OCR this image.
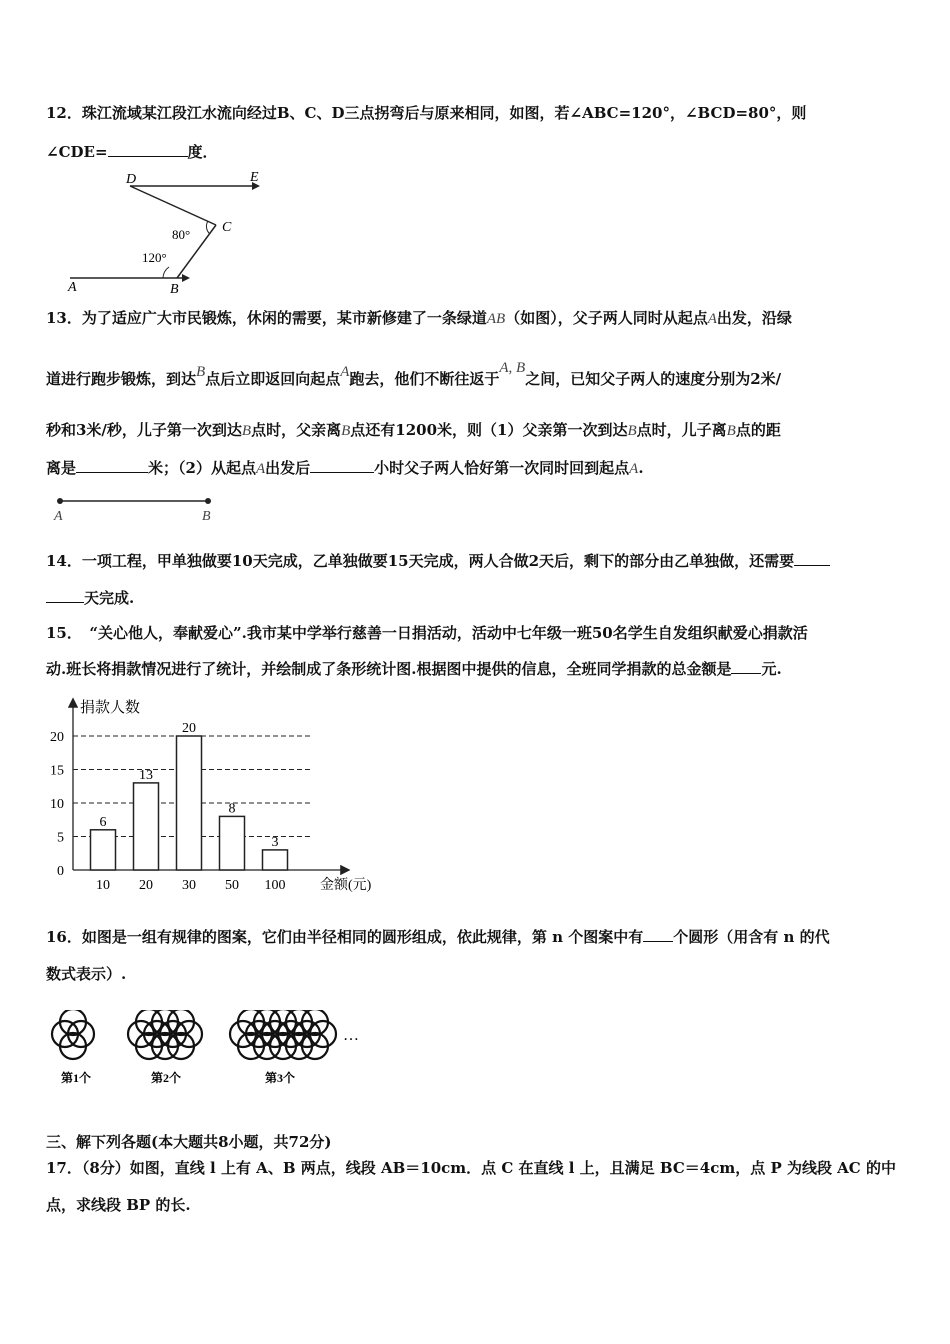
12．珠江流域某江段江水流向经过B、C、D三点拐弯后与原来相同，如图，若∠ABC=120°，∠BCD=80°，则
∠CDE=	度．
D	E
C
A	B
80°
120°
13．为了适应广大市民锻炼，休闲的需要，某市新修建了一条绿道AB（如图），父子两人同时从起点A出发，沿绿
道进行跑步锻炼，到达B点后立即返回向起点A跑去，他们不断往返于A, B之间，已知父子两人的速度分别为2米/
秒和3米/秒，儿子第一次到达B点时，父亲离B点还有1200米，则（1）父亲第一次到达B点时，儿子离B点的距
离是	米；（2）从起点A出发后	小时父子两人恰好第一次同时回到起点A.
A	B
14．一项工程，甲单独做要10天完成，乙单独做要15天完成，两人合做2天后，剩下的部分由乙单独做，还需要
天完成.
15．　“关心他人，奉献爱心”.我市某中学举行慈善一日捐活动，活动中七年级一班50名学生自发组织献爱心捐款活
动.班长将捐款情况进行了统计，并绘制成了条形统计图.根据图中提供的信息，全班同学捐款的总金额是 元.
捐款人数
金额(元)
0
5
10
15
20
6
13
20
8
3
10 20 30 50 100
16．如图是一组有规律的图案，它们由半径相同的圆形组成，依此规律，第 n 个图案中有 个圆形（用含有 n 的代
数式表示）.
…
第1个	第2个	第3个
三、解下列各题(本大题共8小题，共72分)
17．（8分）如图，直线 l 上有 A、B 两点，线段 AB＝10cm．点 C 在直线 l 上，且满足 BC＝4cm，点 P 为线段 AC 的中
点，求线段 BP 的长.
